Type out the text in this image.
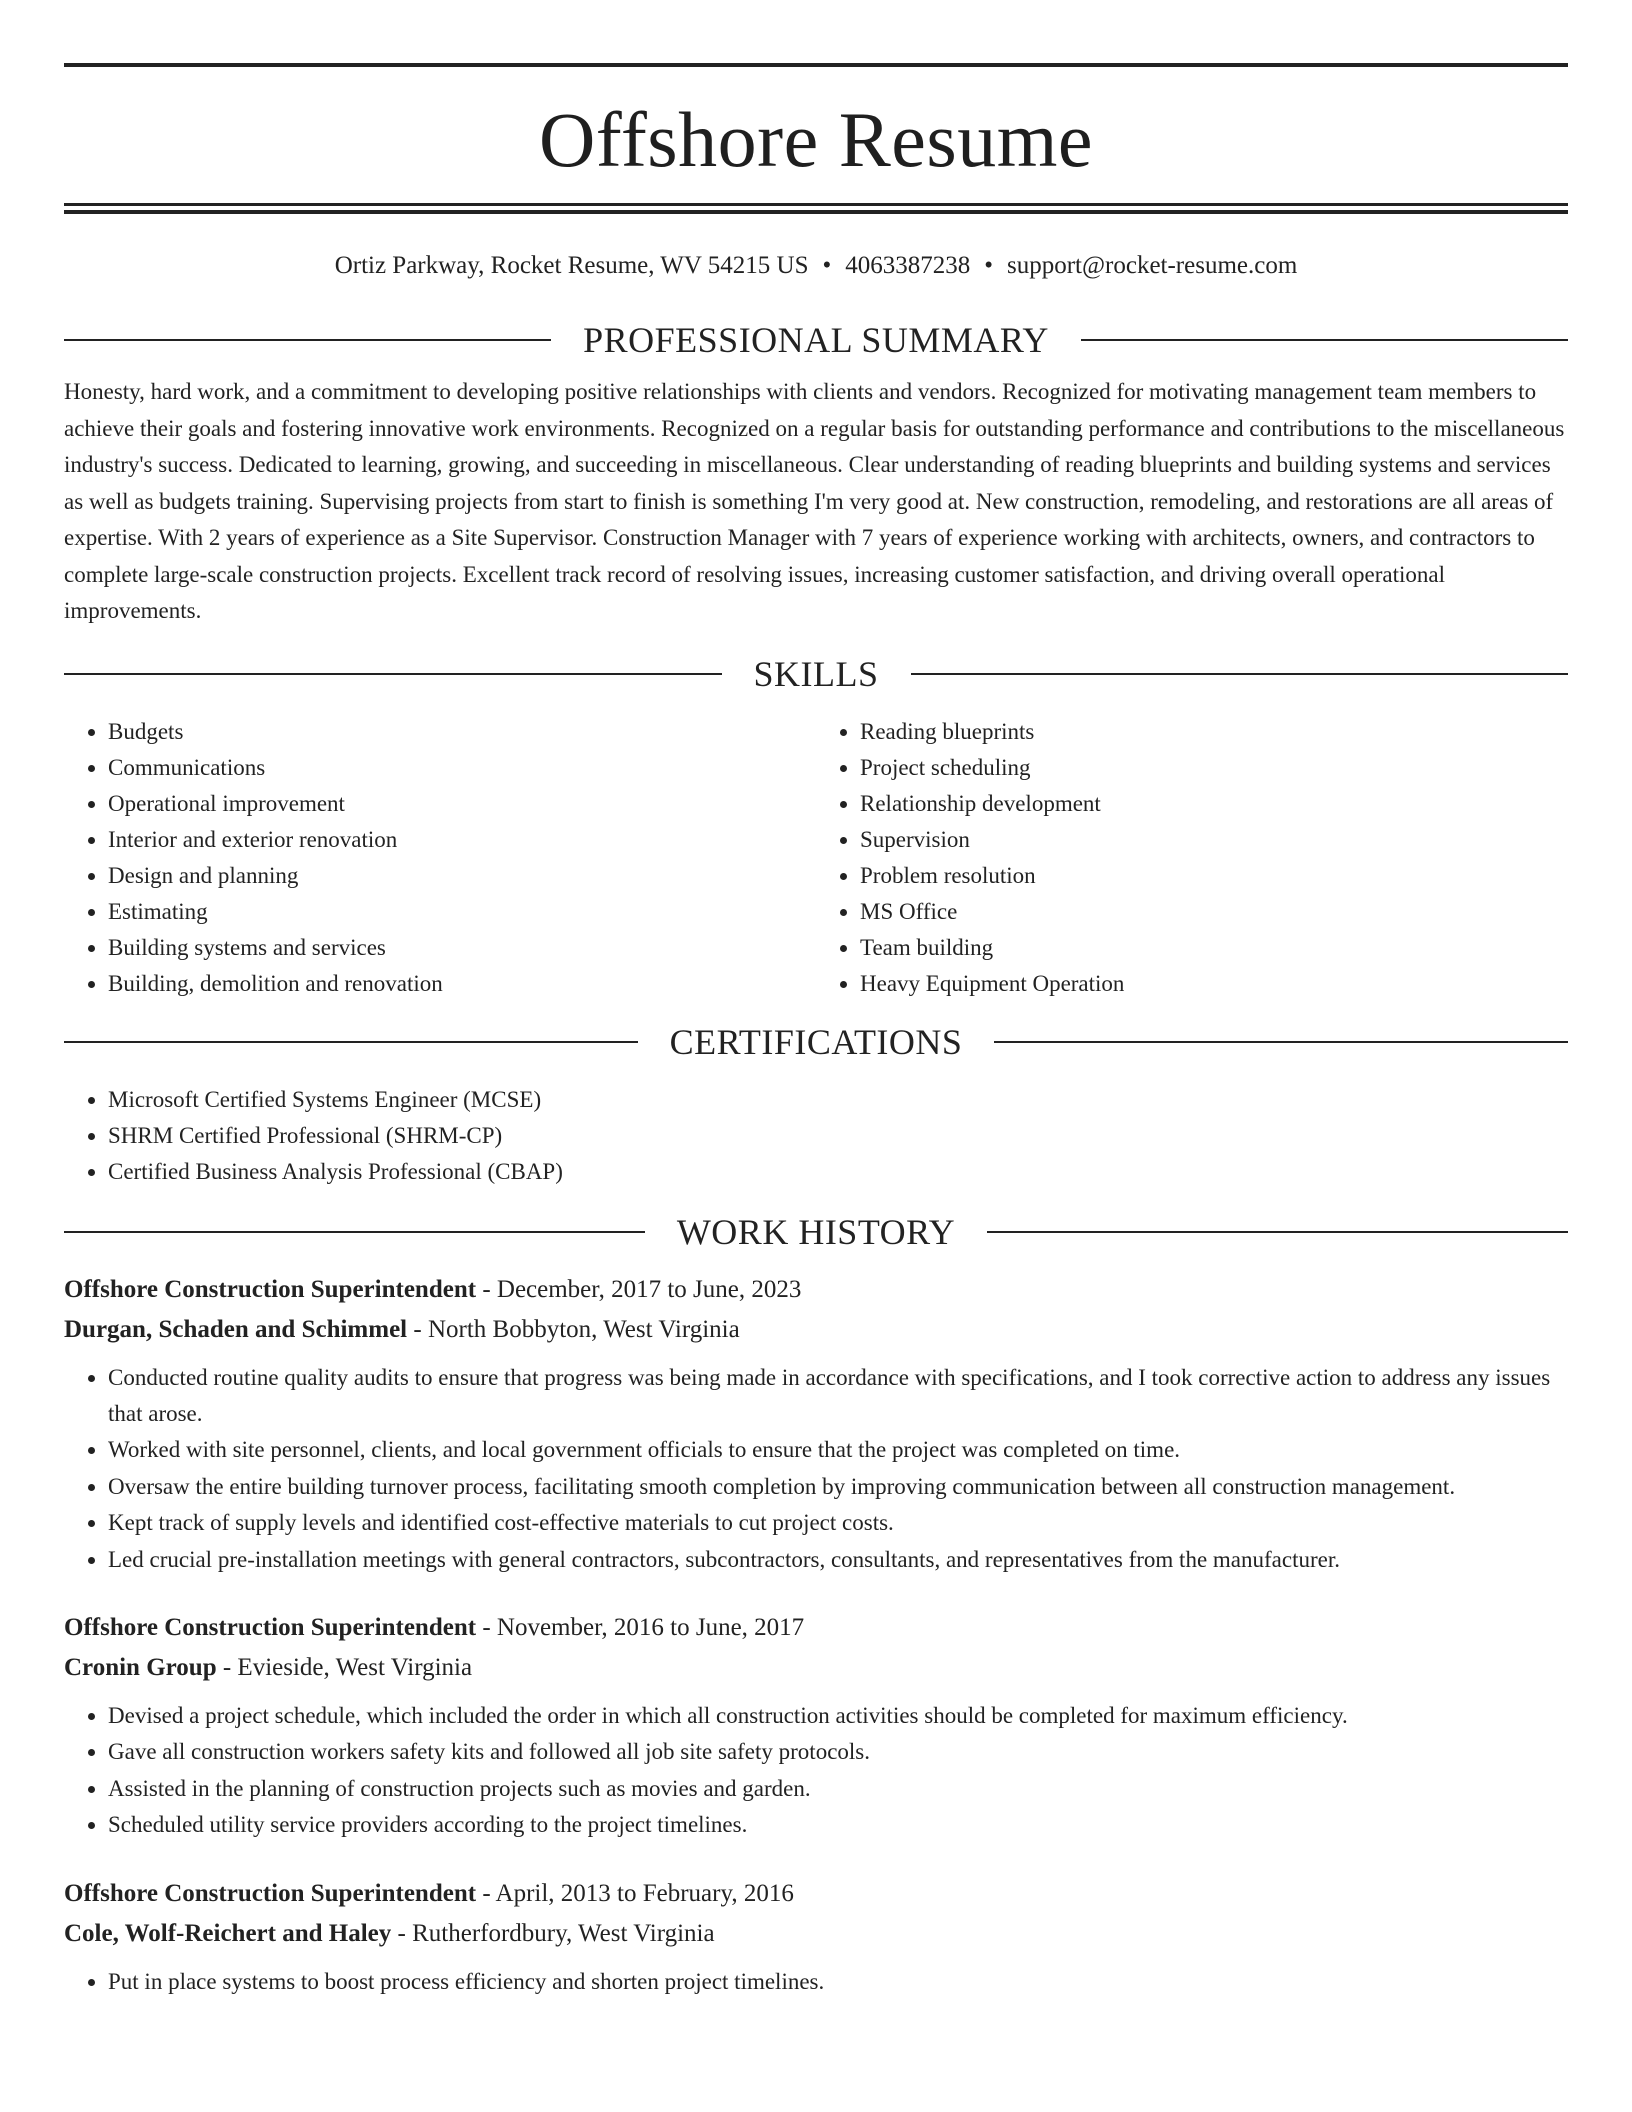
Offshore Resume
Ortiz Parkway, Rocket Resume, WV 54215 US • 4063387238 • support@rocket-resume.com
PROFESSIONAL SUMMARY

Honesty, hard work, and a commitment to developing positive relationships with clients and vendors. Recognized for motivating management team members to achieve their goals and fostering innovative work environments. Recognized on a regular basis for outstanding performance and contributions to the miscellaneous industry's success. Dedicated to learning, growing, and succeeding in miscellaneous. Clear understanding of reading blueprints and building systems and services as well as budgets training. Supervising projects from start to finish is something I'm very good at. New construction, remodeling, and restorations are all areas of expertise. With 2 years of experience as a Site Supervisor. Construction Manager with 7 years of experience working with architects, owners, and contractors to complete large-scale construction projects. Excellent track record of resolving issues, increasing customer satisfaction, and driving overall operational improvements.

SKILLS
• Budgets
• Communications
• Operational improvement
• Interior and exterior renovation
• Design and planning
• Estimating
• Building systems and services
• Building, demolition and renovation
• Reading blueprints
• Project scheduling
• Relationship development
• Supervision
• Problem resolution
• MS Office
• Team building
• Heavy Equipment Operation
CERTIFICATIONS
• Microsoft Certified Systems Engineer (MCSE)
• SHRM Certified Professional (SHRM-CP)
• Certified Business Analysis Professional (CBAP)
WORK HISTORY
Offshore Construction Superintendent - December, 2017 to June, 2023
Durgan, Schaden and Schimmel - North Bobbyton, West Virginia
• Conducted routine quality audits to ensure that progress was being made in accordance with specifications, and I took corrective action to address any issues that arose.
• Worked with site personnel, clients, and local government officials to ensure that the project was completed on time.
• Oversaw the entire building turnover process, facilitating smooth completion by improving communication between all construction management.
• Kept track of supply levels and identified cost-effective materials to cut project costs.
• Led crucial pre-installation meetings with general contractors, subcontractors, consultants, and representatives from the manufacturer.
Offshore Construction Superintendent - November, 2016 to June, 2017
Cronin Group - Evieside, West Virginia
• Devised a project schedule, which included the order in which all construction activities should be completed for maximum efficiency.
• Gave all construction workers safety kits and followed all job site safety protocols.
• Assisted in the planning of construction projects such as movies and garden.
• Scheduled utility service providers according to the project timelines.
Offshore Construction Superintendent - April, 2013 to February, 2016
Cole, Wolf-Reichert and Haley - Rutherfordbury, West Virginia
• Put in place systems to boost process efficiency and shorten project timelines.
